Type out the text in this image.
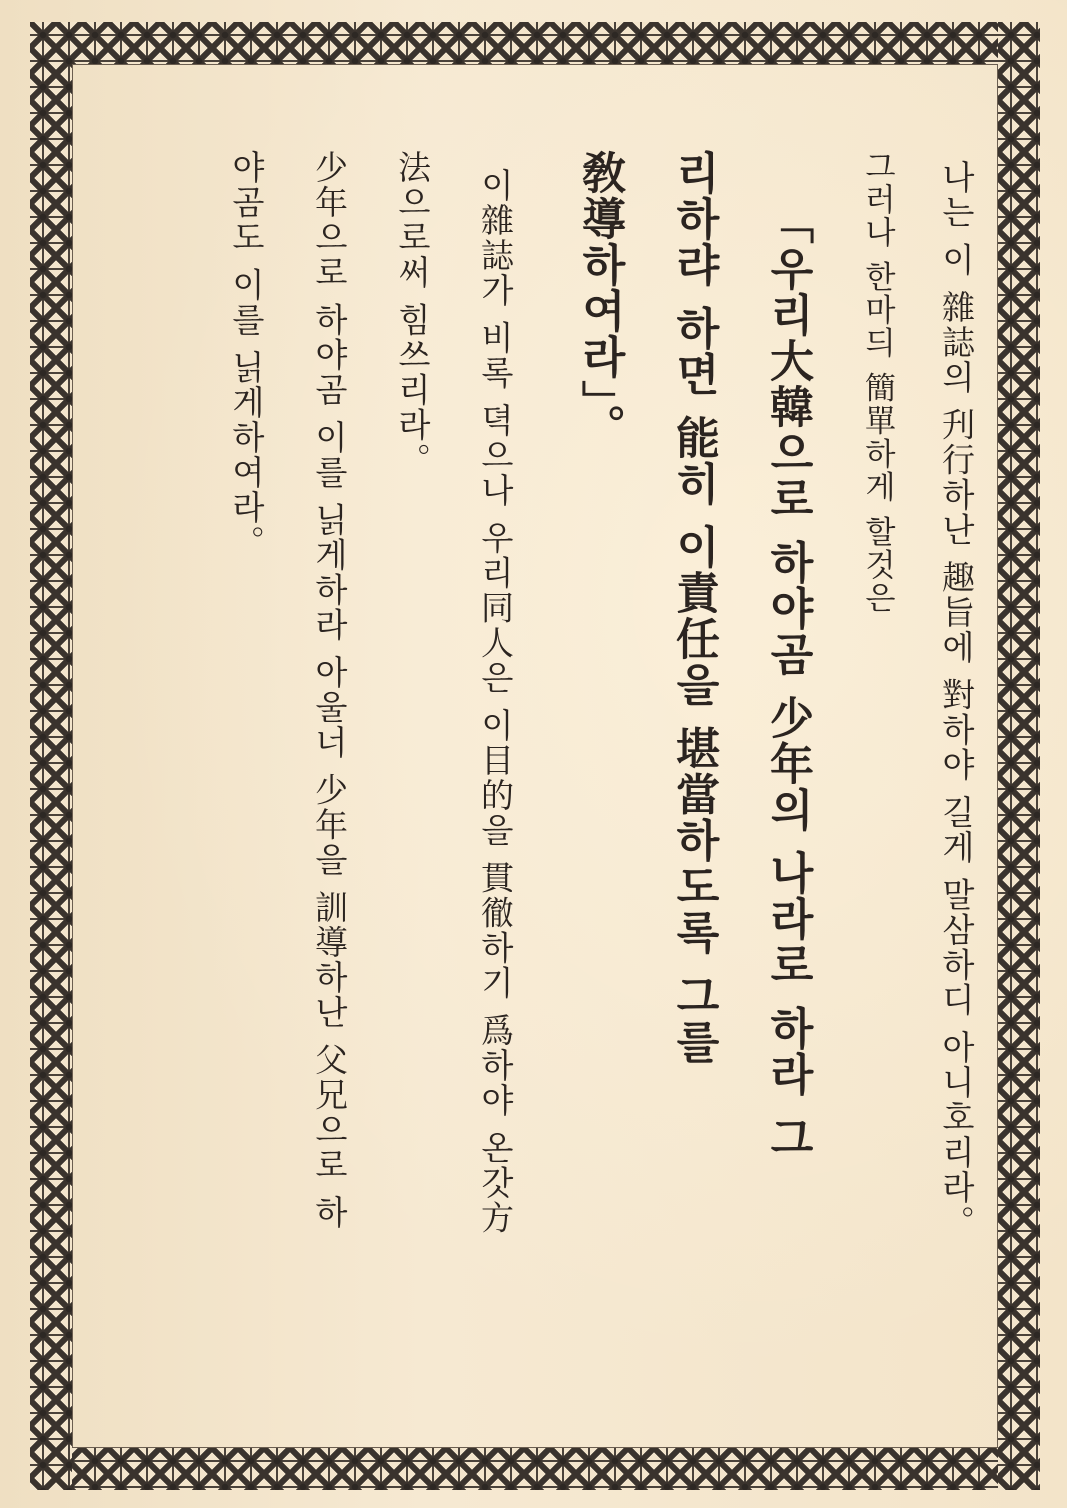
나는 이 雜誌의 刋行하난 趣旨에 對하야 길게 말삼하디 아니호리라。
그러나 한마듸 簡單하게 할것은
「우리大韓으로 하야곰 少年의 나라로 하라 그
리하랴 하면 能히 이責任을 堪當하도록 그를
敎導하여라」。
이雜誌가 비록 뎍으나 우리同人은 이目的을 貫徹하기 爲하야 온갓方
法으로써 힘쓰리라。
少年으로 하야곰 이를 닑게하라 아울너 少年을 訓導하난 父兄으로 하
야곰도 이를 닑게하여라。
